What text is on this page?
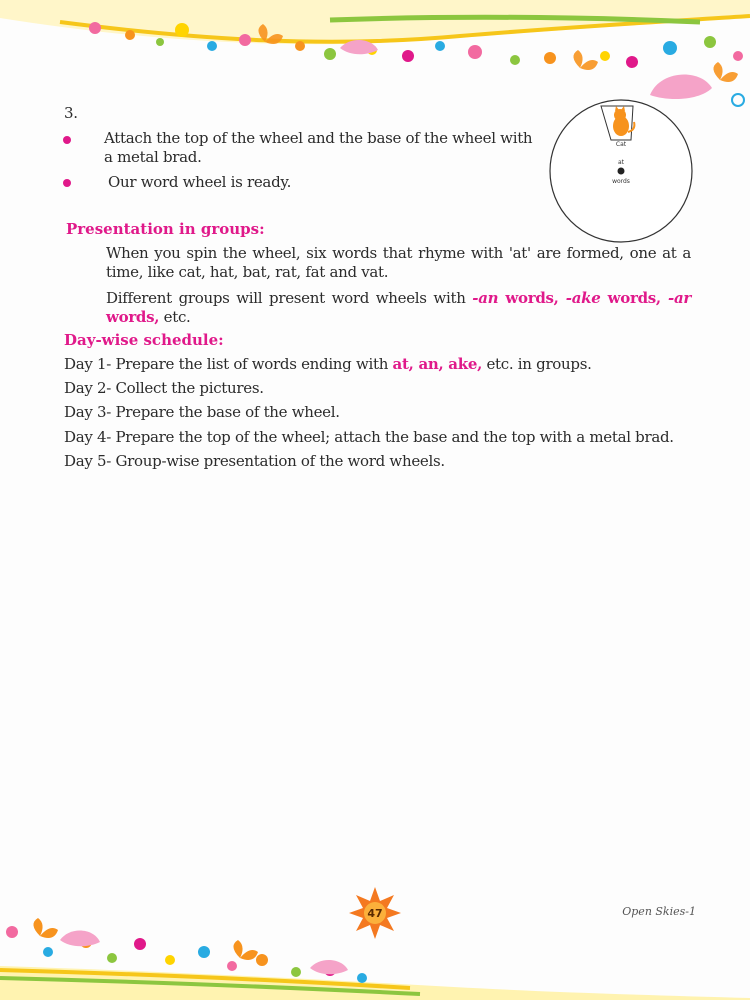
3.
Attach the top of the wheel and the base of the wheel with a metal brad.
Our word wheel is ready.
Cat
at
words
Presentation in groups:
When you spin the wheel, six words that rhyme with 'at' are formed, one at a time, like cat, hat, bat, rat, fat and vat.
Different groups will present word wheels with -an words, -ake words, -ar words, etc.
Day-wise schedule:
Day 1- Prepare the list of words ending with at, an, ake, etc. in groups.
Day 2- Collect the pictures.
Day 3- Prepare the base of the wheel.
Day 4- Prepare the top of the wheel; attach the base and the top with a metal brad.
Day 5- Group-wise presentation of the word wheels.
47	Open Skies-1
